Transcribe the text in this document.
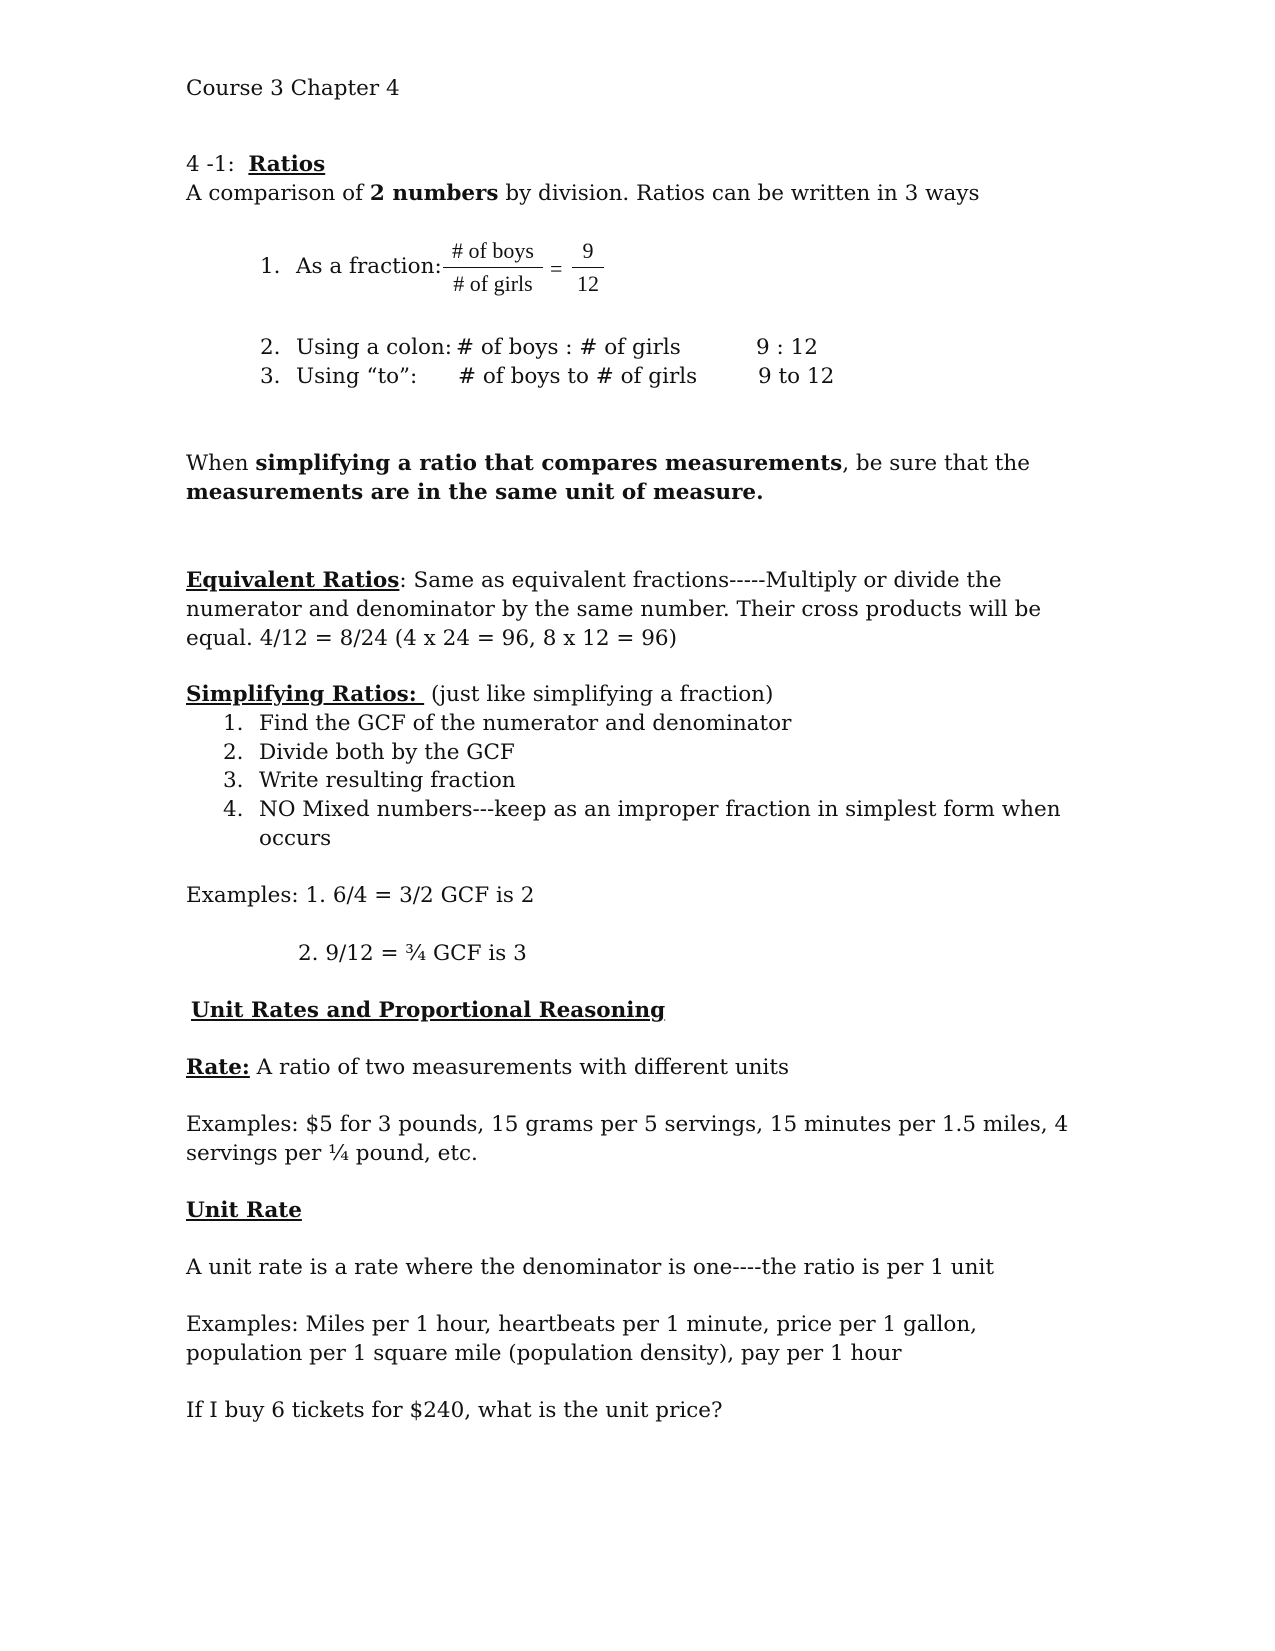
Course 3 Chapter 4
4 -1: Ratios
A comparison of 2 numbers by division. Ratios can be written in 3 ways
1. As a fraction:
# of boys
# of girls
= $\frac{9}{12}$
2. Using a colon: # of boys : # of girls	9 : 12
3. Using “to”: # of boys to # of girls	9 to 12
When simplifying a ratio that compares measurements, be sure that the
measurements are in the same unit of measure.
Equivalent Ratios: Same as equivalent fractions-----Multiply or divide the numerator and denominator by the same number. Their cross products will be equal. 4/12 = 8/24 (4 x 24 = 96, 8 x 12 = 96)
Simplifying Ratios:  (just like simplifying a fraction)
1. Find the GCF of the numerator and denominator
2. Divide both by the GCF
3. Write resulting fraction
4. NO Mixed numbers---keep as an improper fraction in simplest form when occurs
Examples: 1. 6/4 = 3/2 GCF is 2
2. 9/12 = ¾ GCF is 3
Unit Rates and Proportional Reasoning
Rate: A ratio of two measurements with different units
Examples: $5 for 3 pounds, 15 grams per 5 servings, 15 minutes per 1.5 miles, 4 servings per ¼ pound, etc.
Unit Rate
A unit rate is a rate where the denominator is one----the ratio is per 1 unit
Examples: Miles per 1 hour, heartbeats per 1 minute, price per 1 gallon, population per 1 square mile (population density), pay per 1 hour
If I buy 6 tickets for $240, what is the unit price?
